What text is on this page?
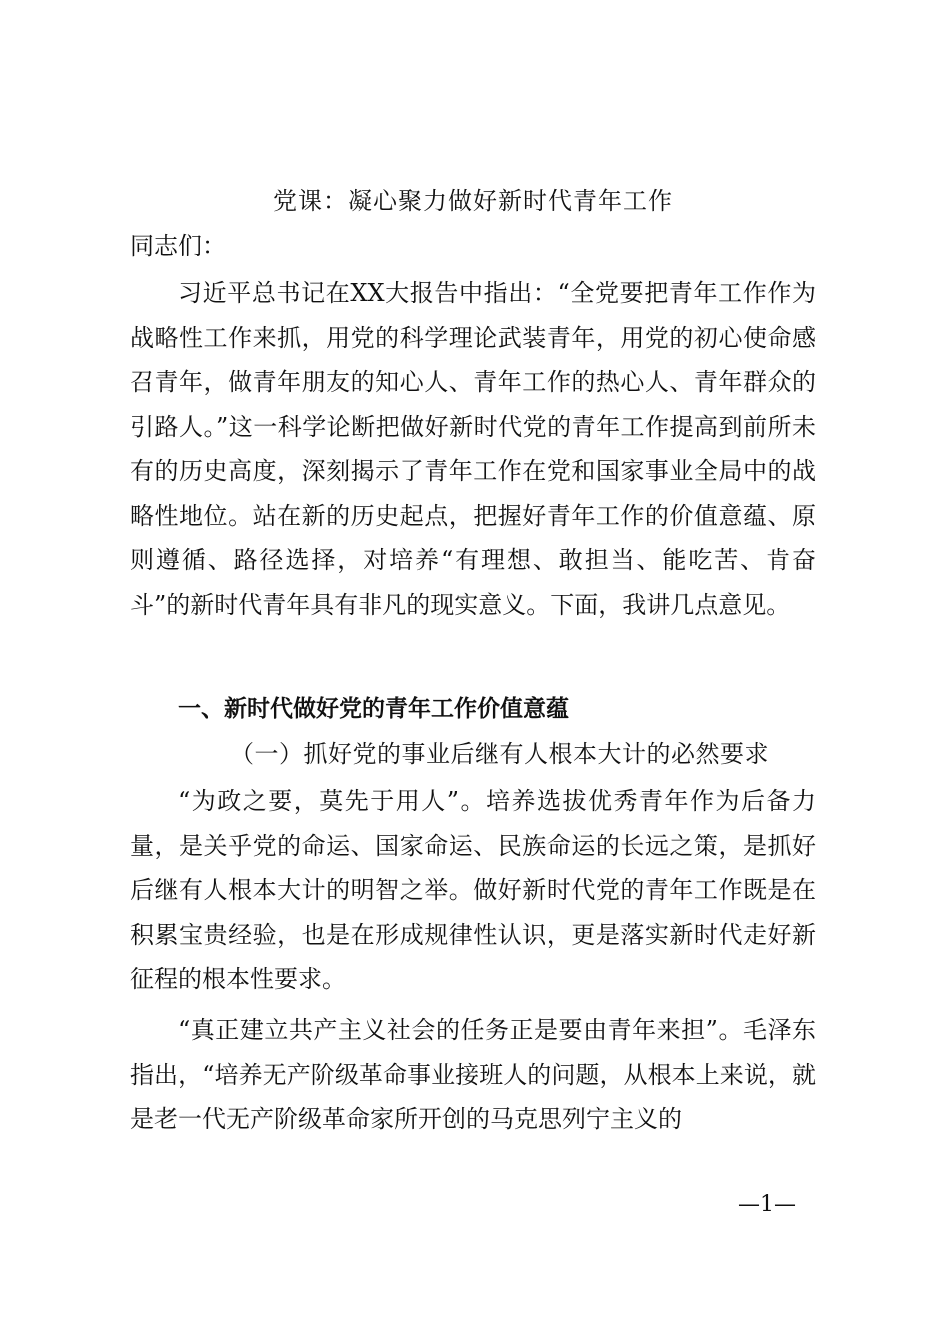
党课：凝心聚力做好新时代青年工作
同志们：

习近平总书记在XX大报告中指出：“全党要把青年工作作为战略性工作来抓，用党的科学理论武装青年，用党的初心使命感召青年，做青年朋友的知心人、青年工作的热心人、青年群众的引路人。”这一科学论断把做好新时代党的青年工作提高到前所未有的历史高度，深刻揭示了青年工作在党和国家事业全局中的战略性地位。站在新的历史起点，把握好青年工作的价值意蕴、原则遵循、路径选择，对培养“有理想、敢担当、能吃苦、肯奋斗”的新时代青年具有非凡的现实意义。下面，我讲几点意见。

一、新时代做好党的青年工作价值意蕴
（一）抓好党的事业后继有人根本大计的必然要求

“为政之要，莫先于用人”。培养选拔优秀青年作为后备力量，是关乎党的命运、国家命运、民族命运的长远之策，是抓好后继有人根本大计的明智之举。做好新时代党的青年工作既是在积累宝贵经验，也是在形成规律性认识，更是落实新时代走好新征程的根本性要求。

“真正建立共产主义社会的任务正是要由青年来担”。毛泽东指出，“培养无产阶级革命事业接班人的问题，从根本上来说，就是老一代无产阶级革命家所开创的马克思列宁主义的

—1—
